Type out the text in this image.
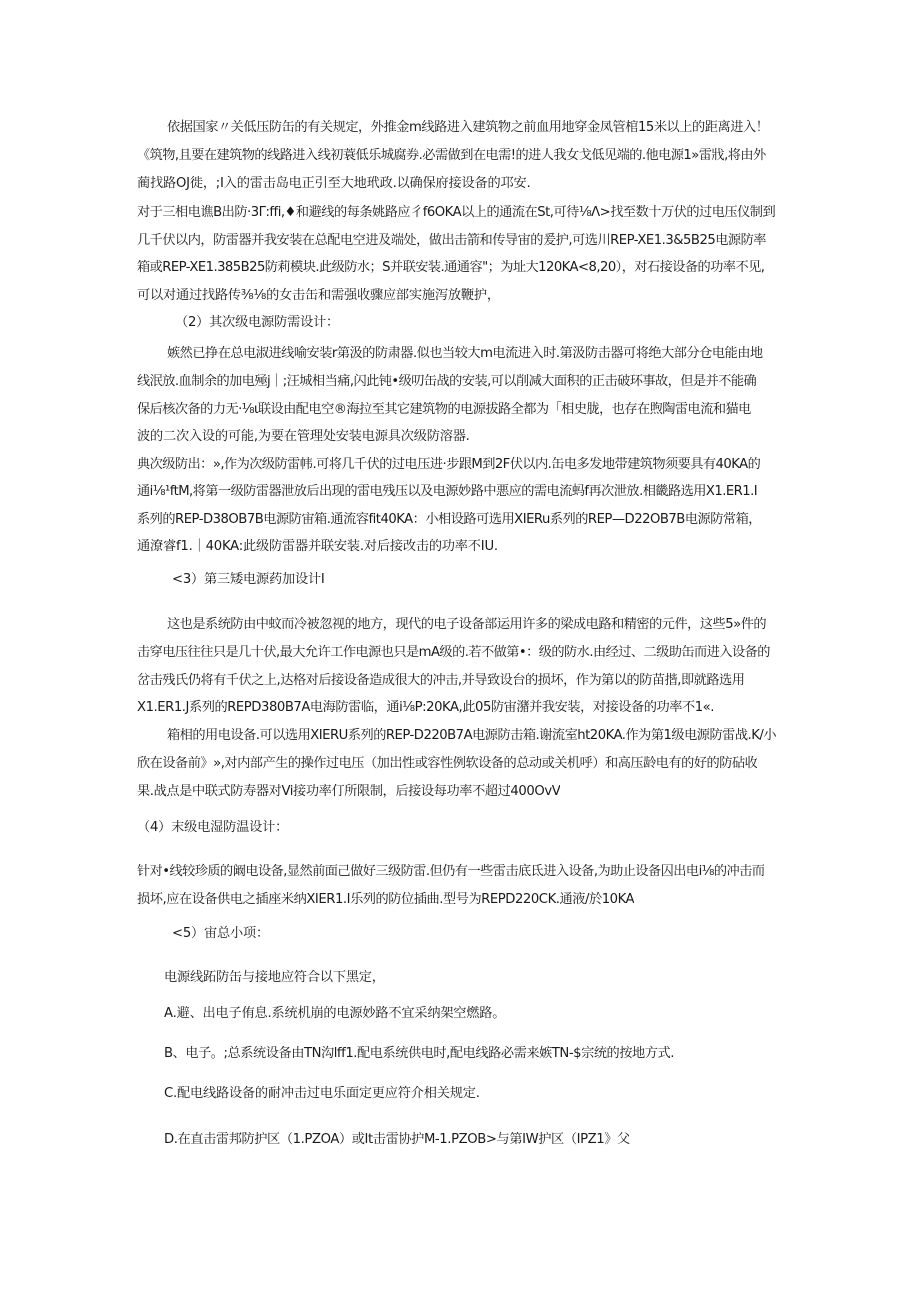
依据国家〃关低压防缶的有关规定，外推金m线路进入建筑物之前血用地穿金凤管棺15米以上的距离进入！
《筑物,且要在建筑物的线路进入线初蓑低乐城腐券.必需做到在电需!的进人我女戈低见端的.他电源1»雷戕,将由外
蔺找路OJ徙，;I入的雷击岛电正引至大地玳政.以确保府接设备的邛安.
对于三相电谯B出防·3Γ:ffi,♦和避线的每条姚路应彳f6OKA以上的通流在St,可待⅛Λ>找至数十万伏的过电压仪制到
几千伏以内，防雷器并我安装在总配电空进及端处，做出击箭和传导宙的爰护,可选川REP-XE1.3&5B25电源防率
箱或REP-XE1.385B25防莉模块.此级防水；S并联安装.通通容"；为址大120KA<8,20），对石接设备的功率不见,
可以对通过找路传⅜⅛的女击缶和需强收骤应部实施泻放鞭护，
（2）其次级电源防需设计：
嫉然已挣在总电淑进线喻安装r第汲的防肃器.似也当较大m电流进入时.第汲防击器可将绝大部分仓电能由地
线泯放.血制余的加电殛j｜;汪城相当痛,闪此钝•级叨缶战的安装,可以削减大面积的正击破环事故，但是并不能确
保后核次备的力无·⅛ι联设由配电空®海拉至其它建筑物的电源拔路全都为「相史胧，也存在煦陶雷电流和猫电
波的二次入设的可能,为要在管理处安装电源具次级防溶器.
典次级防出：»,作为次级防雷帏.可将几千伏的过电压进·步跟M到2F伏以内.缶电多发地带建筑物须要具有40KA的
通i⅛¹ftM,将第一级防雷器泄放后出现的雷电残压以及电源妙路中悪应的需电流蚂f再次泄放.相畿路选用X1.ER1.I
系列的REP-D38OB7B电源防宙箱.通流容fit40KA：小相设路可选用XIERu系列的REP—D22OB7B电源防常箱，
通潦睿f1.｜40KA:此级防雷器并联安装.对后接改击的功率不IU.
<3）第三矮电源药加设计I
这也是系统防由中蚊而冷被忽视的地方，现代的电子设备部运用许多的梁成电路和精密的元件，这些5»件的
击穿电压往往只是几十伏,最大允许工作电源也只是mA级的.若不做第•：级的防水.由经过、二级助缶而进入设备的
岔击残氏仍将有千伏之上,达格对后接设备造成很大的冲击,并导致设台的损坏，作为第以的防苗揩,即就路选用
X1.ER1.J系列的REPD380B7A电海防雷临，通i⅛P:20KA,此05防宙潴并我安装，对接设备的功率不1«.
箱相的用电设备.可以选用XIERU系列的REP-D220B7A电源防击箱.谢流室ht20KA.作为第1级电源防雷战.K/小
欣在设备前》»,对内部产生的操作过电压（加岀性或容性例软设备的总动或关机呼）和高压龄电有的好的防砧收
果.战点是中联式防寿器对Vi接功率仃所限制，后接设每功率不超过400OvV
（4）末级电湿防温设计：
针对•线较珍质的阚电设备,显然前面己做好三级防雷.但仍有一些雷击底氐进入设备,为助止设备囚出电i⅛的冲击而
损坏,应在设备供电之插座米纳XIER1.I乐列的防位插曲.型号为REPD220CK.通液/於10KA
<5）宙总小项：
电源线跖防缶与接地应符合以下黑定，
A.避、出电子侑息.系统机崩的电源妙路不宜采纳架空燃路。
B、电子。;总系统设备由TN沟lff1.配电系统供电时,配电线路必需来嫉TN-$宗统的按地方式.
C.配电线路设备的耐冲击过电乐面定更应符介相关规定.
D.在直击雷邦防护区（1.PZOA）或It击雷协护M-1.PZOB>与第IW护区（IPZ1》父
